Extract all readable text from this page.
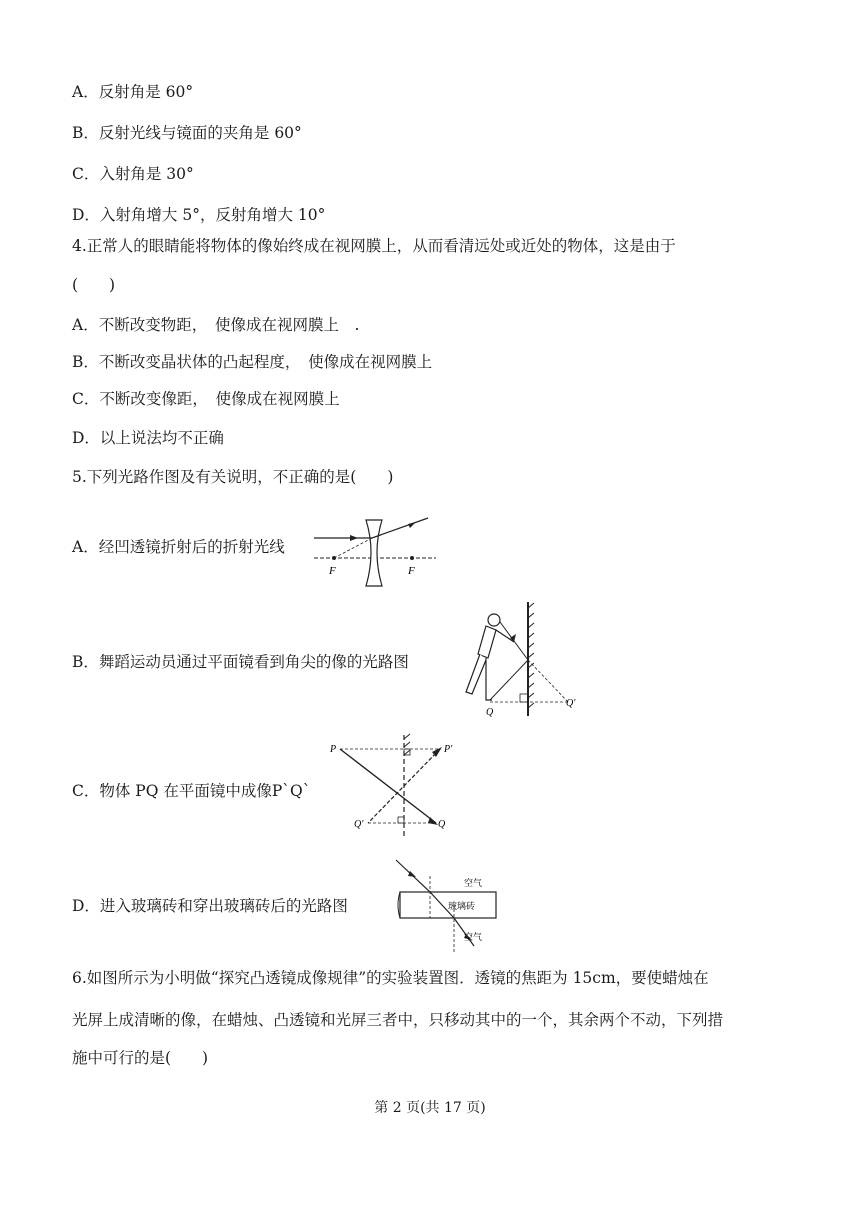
A．反射角是 60°
B．反射光线与镜面的夹角是 60°
C．入射角是 30°
D．入射角增大 5°，反射角增大 10°
4.正常人的眼睛能将物体的像始终成在视网膜上，从而看清远处或近处的物体，这是由于
(　　)
A．不断改变物距，　使像成在视网膜上　.
B．不断改变晶状体的凸起程度，　使像成在视网膜上
C．不断改变像距，　使像成在视网膜上
D．以上说法均不正确
5.下列光路作图及有关说明，不正确的是(　　)
A．经凹透镜折射后的折射光线
B．舞蹈运动员通过平面镜看到角尖的像的光路图
C．物体 PQ 在平面镜中成像P`Q`
D．进入玻璃砖和穿出玻璃砖后的光路图
F	F
Q
Q'
P	P'
Q'	Q
空气
玻璃砖
空气
6.如图所示为小明做“探究凸透镜成像规律”的实验装置图．透镜的焦距为 15cm，要使蜡烛在
光屏上成清晰的像，在蜡烛、凸透镜和光屏三者中，只移动其中的一个，其余两个不动，下列措
施中可行的是(　　)
第 2 页(共 17 页)
